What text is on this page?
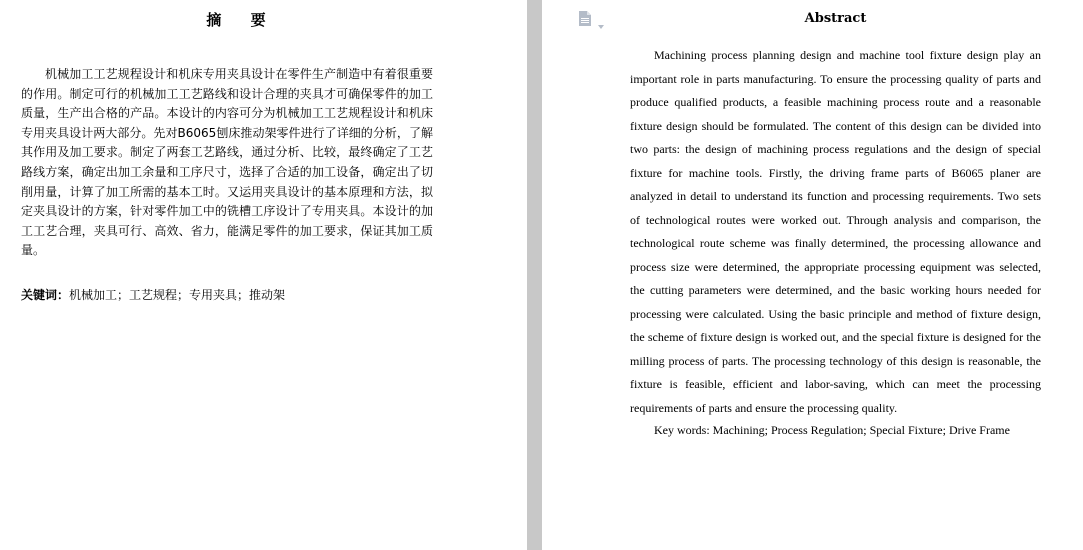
摘 要

机械加工工艺规程设计和机床专用夹具设计在零件生产制造中有着很重要的作用。制定可行的机械加工工艺路线和设计合理的夹具才可确保零件的加工质量，生产出合格的产品。本设计的内容可分为机械加工工艺规程设计和机床专用夹具设计两大部分。先对B6065刨床推动架零件进行了详细的分析，了解其作用及加工要求。制定了两套工艺路线，通过分析、比较，最终确定了工艺路线方案，确定出加工余量和工序尺寸，选择了合适的加工设备，确定出了切削用量，计算了加工所需的基本工时。又运用夹具设计的基本原理和方法，拟定夹具设计的方案，针对零件加工中的铣槽工序设计了专用夹具。本设计的加工工艺合理，夹具可行、高效、省力，能满足零件的加工要求，保证其加工质量。

关键词：机械加工；工艺规程；专用夹具；推动架

Abstract

Machining process planning design and machine tool fixture design play an important role in parts manufacturing. To ensure the processing quality of parts and produce qualified products, a feasible machining process route and a reasonable fixture design should be formulated. The content of this design can be divided into two parts: the design of machining process regulations and the design of special fixture for machine tools. Firstly, the driving frame parts of B6065 planer are analyzed in detail to understand its function and processing requirements. Two sets of technological routes were worked out. Through analysis and comparison, the technological route scheme was finally determined, the processing allowance and process size were determined, the appropriate processing equipment was selected, the cutting parameters were determined, and the basic working hours needed for processing were calculated. Using the basic principle and method of fixture design, the scheme of fixture design is worked out, and the special fixture is designed for the milling process of parts. The processing technology of this design is reasonable, the fixture is feasible, efficient and labor-saving, which can meet the processing requirements of parts and ensure the processing quality.

Key words: Machining; Process Regulation; Special Fixture; Drive Frame
